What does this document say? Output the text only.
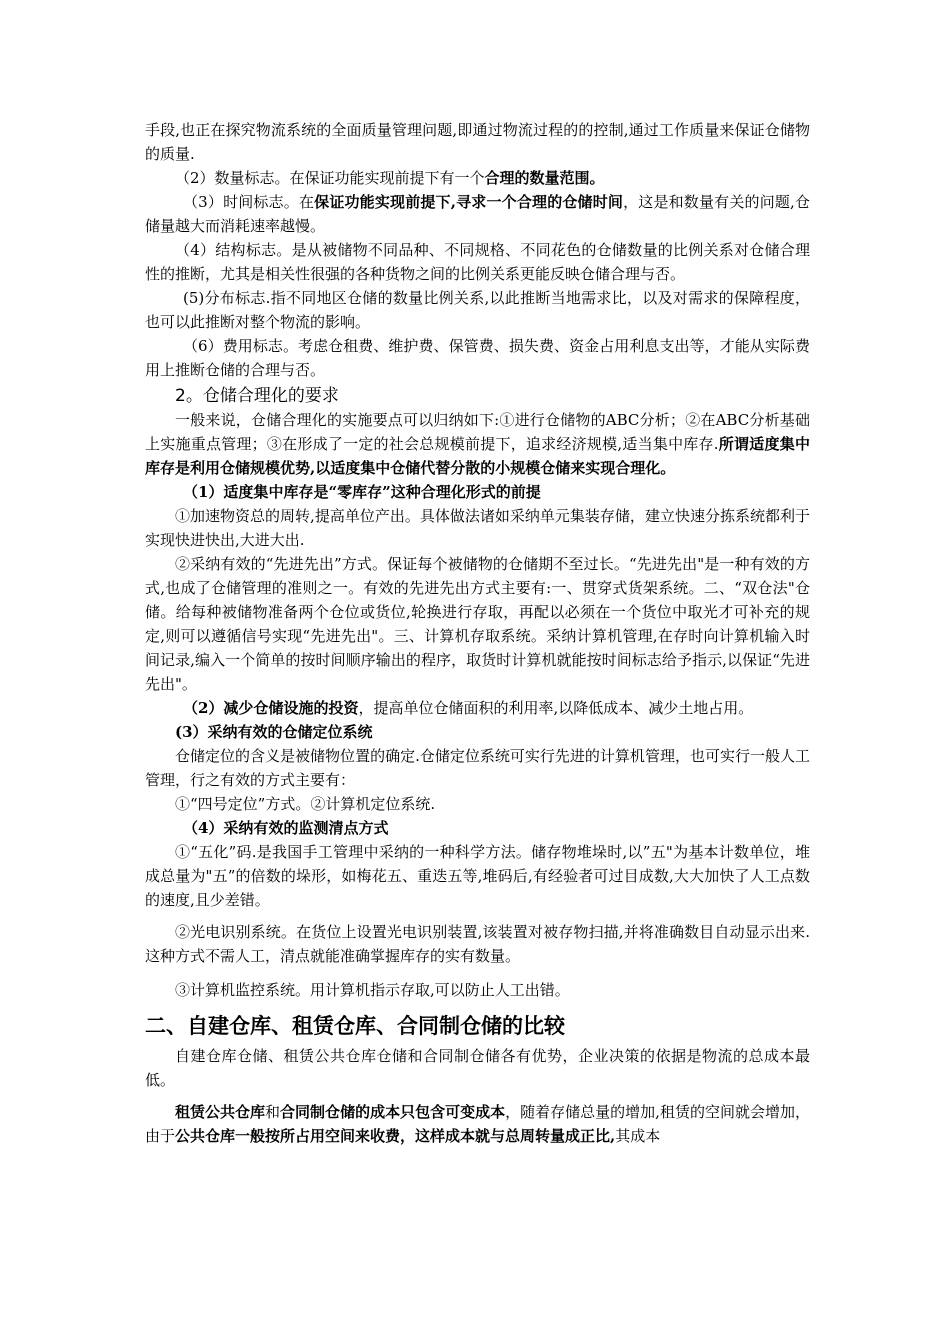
手段,也正在探究物流系统的全面质量管理问题,即通过物流过程的的控制,通过工作质量来保证仓储物的质量.

（2）数量标志。在保证功能实现前提下有一个合理的数量范围。

（3）时间标志。在保证功能实现前提下,寻求一个合理的仓储时间，这是和数量有关的问题,仓储量越大而消耗速率越慢。

（4）结构标志。是从被储物不同品种、不同规格、不同花色的仓储数量的比例关系对仓储合理性的推断，尤其是相关性很强的各种货物之间的比例关系更能反映仓储合理与否。

(5)分布标志.指不同地区仓储的数量比例关系,以此推断当地需求比，以及对需求的保障程度，也可以此推断对整个物流的影响。

（6）费用标志。考虑仓租费、维护费、保管费、损失费、资金占用利息支出等，才能从实际费用上推断仓储的合理与否。

2。仓储合理化的要求

一般来说，仓储合理化的实施要点可以归纳如下:①进行仓储物的ABC分析；②在ABC分析基础上实施重点管理；③在形成了一定的社会总规模前提下，追求经济规模,适当集中库存.所谓适度集中库存是利用仓储规模优势,以适度集中仓储代替分散的小规模仓储来实现合理化。

（1）适度集中库存是“零库存”这种合理化形式的前提

①加速物资总的周转,提高单位产出。具体做法诸如采纳单元集装存储，建立快速分拣系统都利于实现快进快出,大进大出.

②采纳有效的“先进先出”方式。保证每个被储物的仓储期不至过长。“先进先出"是一种有效的方式,也成了仓储管理的准则之一。有效的先进先出方式主要有:一、贯穿式货架系统。二、“双仓法"仓储。给每种被储物准备两个仓位或货位,轮换进行存取，再配以必须在一个货位中取光才可补充的规定,则可以遵循信号实现“先进先出"。三、计算机存取系统。采纳计算机管理,在存时向计算机输入时间记录,编入一个简单的按时间顺序输出的程序，取货时计算机就能按时间标志给予指示,以保证“先进先出"。

（2）减少仓储设施的投资，提高单位仓储面积的利用率,以降低成本、减少土地占用。

(3）采纳有效的仓储定位系统

仓储定位的含义是被储物位置的确定.仓储定位系统可实行先进的计算机管理，也可实行一般人工管理，行之有效的方式主要有：

①“四号定位”方式。②计算机定位系统.

（4）采纳有效的监测清点方式

①“五化”码.是我国手工管理中采纳的一种科学方法。储存物堆垛时,以”五"为基本计数单位，堆成总量为"五”的倍数的垛形，如梅花五、重迭五等,堆码后,有经验者可过目成数,大大加快了人工点数的速度,且少差错。

②光电识别系统。在货位上设置光电识别装置,该装置对被存物扫描,并将准确数目自动显示出来.这种方式不需人工，清点就能准确掌握库存的实有数量。

③计算机监控系统。用计算机指示存取,可以防止人工出错。

二、自建仓库、租赁仓库、合同制仓储的比较

自建仓库仓储、租赁公共仓库仓储和合同制仓储各有优势，企业决策的依据是物流的总成本最低。

租赁公共仓库和合同制仓储的成本只包含可变成本，随着存储总量的增加,租赁的空间就会增加，由于公共仓库一般按所占用空间来收费，这样成本就与总周转量成正比,其成本
